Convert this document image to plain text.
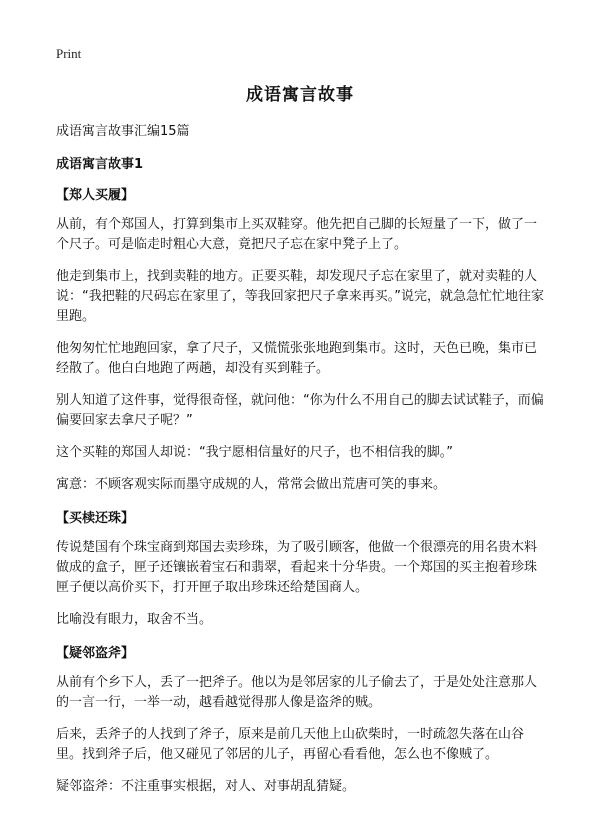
Print
成语寓言故事
成语寓言故事汇编15篇
成语寓言故事1
【郑人买履】

从前，有个郑国人，打算到集市上买双鞋穿。他先把自己脚的长短量了一下，做了一个尺子。可是临走时粗心大意，竟把尺子忘在家中凳子上了。

他走到集市上，找到卖鞋的地方。正要买鞋，却发现尺子忘在家里了，就对卖鞋的人说：“我把鞋的尺码忘在家里了，等我回家把尺子拿来再买。”说完，就急急忙忙地往家里跑。

他匆匆忙忙地跑回家，拿了尺子，又慌慌张张地跑到集市。这时，天色已晚，集市已经散了。他白白地跑了两趟，却没有买到鞋子。

别人知道了这件事，觉得很奇怪，就问他：“你为什么不用自己的脚去试试鞋子，而偏偏要回家去拿尺子呢？”

这个买鞋的郑国人却说：“我宁愿相信量好的尺子，也不相信我的脚。”

寓意：不顾客观实际而墨守成规的人，常常会做出荒唐可笑的事来。

【买椟还珠】

传说楚国有个珠宝商到郑国去卖珍珠，为了吸引顾客，他做一个很漂亮的用名贵木料做成的盒子，匣子还镶嵌着宝石和翡翠，看起来十分华贵。一个郑国的买主抱着珍珠匣子便以高价买下，打开匣子取出珍珠还给楚国商人。

比喻没有眼力，取舍不当。

【疑邻盗斧】

从前有个乡下人，丢了一把斧子。他以为是邻居家的儿子偷去了，于是处处注意那人的一言一行，一举一动，越看越觉得那人像是盗斧的贼。

后来，丢斧子的人找到了斧子，原来是前几天他上山砍柴时，一时疏忽失落在山谷里。找到斧子后，他又碰见了邻居的儿子，再留心看看他，怎么也不像贼了。

疑邻盗斧：不注重事实根据，对人、对事胡乱猜疑。
